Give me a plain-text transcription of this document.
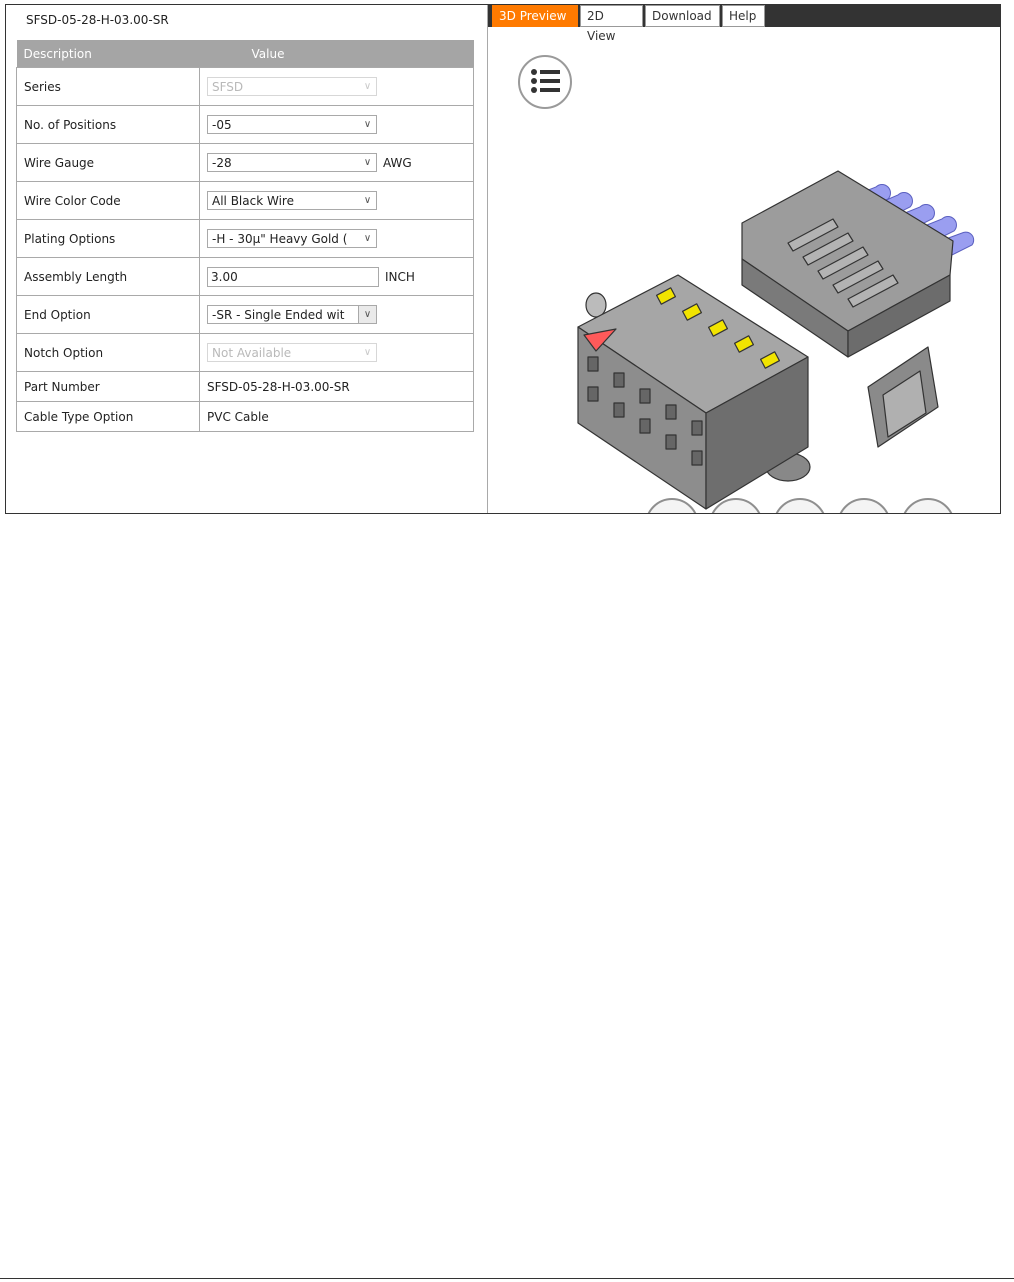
SFSD-05-28-H-03.00-SR
Description	Value
Series	SFSD ∨

No. of Positions	-05 ∨

Wire Gauge	-28 ∨ AWG
Wire Color Code	All Black Wire ∨

Plating Options	-H - 30µ" Heavy Gold ( ∨

Assembly Length	3.00 INCH
End Option	-SR - Single Ended wit ∨

Notch Option	Not Available ∨

Part Number	SFSD-05-28-H-03.00-SR
Cable Type Option	PVC Cable
3D Preview	2D View
Download	Help
